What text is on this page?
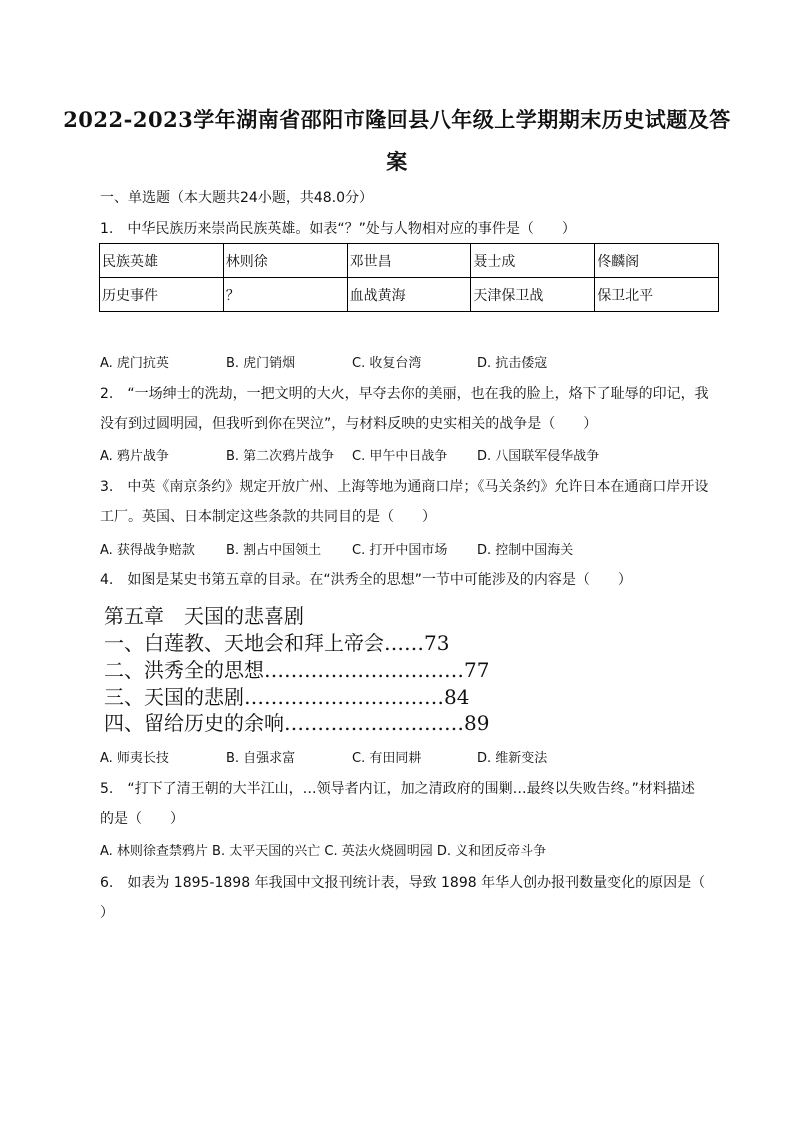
2022-2023学年湖南省邵阳市隆回县八年级上学期期末历史试题及答
案
一、单选题（本大题共24小题，共48.0分）
1.　中华民族历来崇尚民族英雄。如表“？”处与人物相对应的事件是（　　）
民族英雄	林则徐	邓世昌	聂士成	佟麟阁
历史事件	？	血战黄海	天津保卫战	保卫北平
A. 虎门抗英	B. 虎门销烟	C. 收复台湾	D. 抗击倭寇
2.　“一场绅士的洗劫，一把文明的大火，早夺去你的美丽，也在我的脸上，烙下了耻辱的印记，我
没有到过圆明园，但我听到你在哭泣”，与材料反映的史实相关的战争是（　　）
A. 鸦片战争	B. 第二次鸦片战争 C. 甲午中日战争 D. 八国联军侵华战争
3.　中英《南京条约》规定开放广州、上海等地为通商口岸；《马关条约》允许日本在通商口岸开设
工厂。英国、日本制定这些条款的共同目的是（　　）
A. 获得战争赔款 B. 割占中国领土 C. 打开中国市场 D. 控制中国海关
4.　如图是某史书第五章的目录。在“洪秀全的思想”一节中可能涉及的内容是（　　）
第五章　天国的悲喜剧
一、白莲教、天地会和拜上帝会……73
二、洪秀全的思想…………………………77
三、天国的悲剧…………………………84
四、留给历史的余响………………………89
A. 师夷长技	B. 自强求富	C. 有田同耕	D. 维新变法
5.　“打下了清王朝的大半江山，…领导者内讧，加之清政府的围剿…最终以失败告终。”材料描述
的是（　　）
A. 林则徐查禁鸦片 B. 太平天国的兴亡 C. 英法火烧圆明园 D. 义和团反帝斗争
6.　如表为 1895-1898 年我国中文报刊统计表，导致 1898 年华人创办报刊数量变化的原因是（
）
